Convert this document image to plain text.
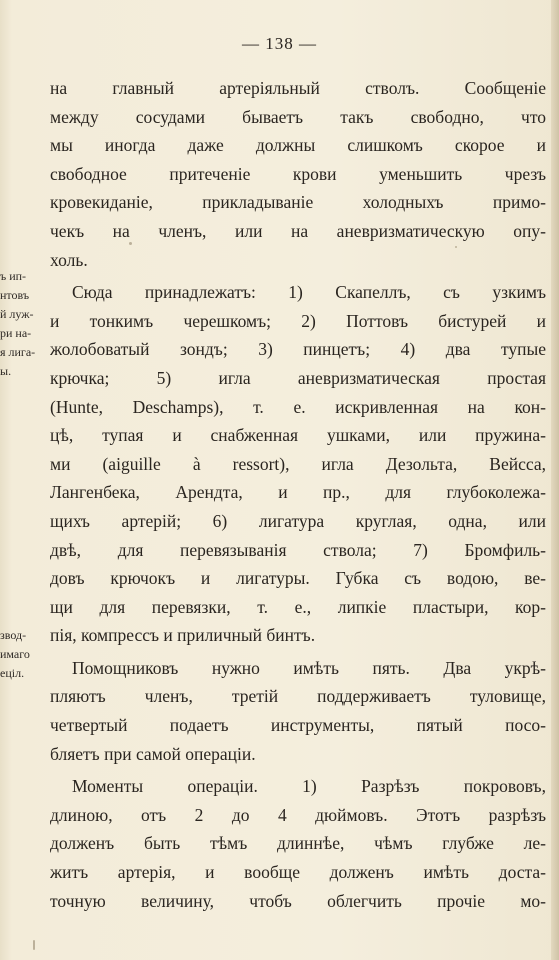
— 138 —
ъ ип-
нтовъ
й луж-
ри на-
я лига-
ы.
звод-
имаго
ецiл.
на главный артерiяльный стволъ. Сообщенiе
между сосудами бываетъ такъ свободно, что
мы иногда даже должны слишкомъ скорое и
свободное притеченiе крови уменьшить чрезъ
кровекиданiе, прикладыванiе холодныхъ примо-
чекъ на членъ, или на аневризматическую опу-
холь.
Сюда принадлежатъ: 1) Скапеллъ, съ узкимъ
и тонкимъ черешкомъ; 2) Поттовъ бистурей и
жолобоватый зондъ; 3) пинцетъ; 4) два тупые
крючка; 5) игла аневризматическая простая
(Hunte, Deschamps), т. е. искривленная на кон-
цѣ, тупая и снабженная ушками, или пружина-
ми (aiguille à ressort), игла Дезольта, Вейсса,
Лангенбека, Арендта, и пр., для глубоколежа-
щихъ артерiй; 6) лигатура круглая, одна, или
двѣ, для перевязыванiя ствола; 7) Бромфиль-
довъ крючокъ и лигатуры. Губка съ водою, ве-
щи для перевязки, т. е., липкiе пластыри, кор-
пiя, компрессъ и приличный бинтъ.
Помощниковъ нужно имѣть пять. Два укрѣ-
пляютъ членъ, третiй поддерживаетъ туловище,
четвертый подаетъ инструменты, пятый посо-
бляетъ при самой операцiи.
Моменты операцiи. 1) Разрѣзъ покрововъ,
длиною, отъ 2 до 4 дюймовъ. Этотъ разрѣзъ
долженъ быть тѣмъ длиннѣе, чѣмъ глубже ле-
житъ артерiя, и вообще долженъ имѣть доста-
точную величину, чтобъ облегчить прочiе мо-
